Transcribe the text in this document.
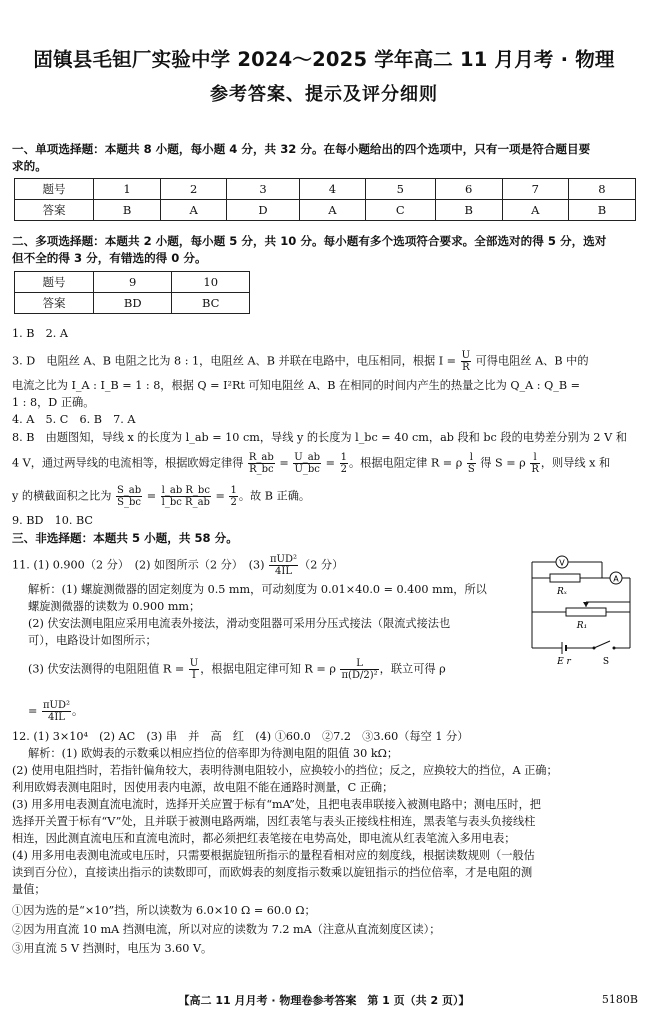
固镇县毛钽厂实验中学 2024～2025 学年高二 11 月月考 · 物理
参考答案、提示及评分细则
一、单项选择题：本题共 8 小题，每小题 4 分，共 32 分。在每小题给出的四个选项中，只有一项是符合题目要
求的。
题号	1	2	3	4	5	6	7	8
答案	B	A	D	A	C	B	A	B
二、多项选择题：本题共 2 小题，每小题 5 分，共 10 分。每小题有多个选项符合要求。全部选对的得 5 分，选对
但不全的得 3 分，有错选的得 0 分。
题号	9	10
答案	BD	BC
1. B　2. A
3. D　电阻丝 A、B 电阻之比为 8 : 1，电阻丝 A、B 并联在电路中，电压相同，根据 $I = \frac{U}{R}$ 可得电阻丝 A、B 中的
电流之比为 I_A : I_B = 1 : 8，根据 Q = I²Rt 可知电阻丝 A、B 在相同的时间内产生的热量之比为 Q_A : Q_B =
1 : 8，D 正确。
4. A　5. C　6. B　7. A
8. B　由题图知，导线 x 的长度为 l_ab = 10 cm，导线 y 的长度为 l_bc = 40 cm，ab 段和 bc 段的电势差分别为 2 V 和
4 V，通过两导线的电流相等，根据欧姆定律得 $\frac{R\_ab}{R\_bc} = \frac{U\_ab}{U\_bc} = \frac{1}{2}$ 。根据电阻定律 R = ρ $\frac{l}{S}$ 得 S = ρ $\frac{l}{R}$ ，则导线 x 和
y 的横截面积之比为 $\frac{S\_ab}{S\_bc} = \frac{\text{l\_ab R\_bc}}{\text{l\_bc R\_ab}} = \frac{1}{2}$ 。故 B 正确。
9. BD　10. BC
三、非选择题：本题共 5 小题，共 58 分。
11. (1) 0.900（2 分）　(2) 如图所示（2 分）　$(3) \frac{\text{πUD²}}{4IL} (2$ 分）
解析：(1) 螺旋测微器的固定刻度为 0.5 mm，可动刻度为 0.01×40.0 = 0.400 mm，所以
螺旋测微器的读数为 0.900 mm；
(2) 伏安法测电阻应采用电流表外接法，滑动变阻器可采用分压式接法（限流式接法也
可），电路设计如图所示；
(3) 伏安法测得的电阻阻值 $R = \frac{U}{I}$ ，根据电阻定律可知 R = ρ $\frac{L}{\text{π(D/2)²}}$ ，联立可得 ρ
= $\frac{\text{πUD²}}{4IL}$ 。
V
A
Rₓ
R₁
E r	S
12. (1) 3×10⁴　(2) AC　(3) 串　并　高　红　(4) ①60.0　②7.2　③3.60（每空 1 分）
解析：(1) 欧姆表的示数乘以相应挡位的倍率即为待测电阻的阻值 30 kΩ；
(2) 使用电阻挡时，若指针偏角较大，表明待测电阻较小，应换较小的挡位；反之，应换较大的挡位，A 正确；
利用欧姆表测电阻时，因使用表内电源，故电阻不能在通路时测量，C 正确；
(3) 用多用电表测直流电流时，选择开关应置于标有“mA”处，且把电表串联接入被测电路中；测电压时，把
选择开关置于标有“V”处，且并联于被测电路两端，因红表笔与表头正接线柱相连，黑表笔与表头负接线柱
相连，因此测直流电压和直流电流时，都必须把红表笔接在电势高处，即电流从红表笔流入多用电表；
(4) 用多用电表测电流或电压时，只需要根据旋钮所指示的量程看相对应的刻度线，根据读数规则（一般估
读到百分位），直接读出指示的读数即可，而欧姆表的刻度指示数乘以旋钮指示的挡位倍率，才是电阻的测
量值；
①因为选的是“×10”挡，所以读数为 6.0×10 Ω = 60.0 Ω；
②因为用直流 10 mA 挡测电流，所以对应的读数为 7.2 mA（注意从直流刻度区读）；
③用直流 5 V 挡测时，电压为 3.60 V。
【高二 11 月月考 · 物理卷参考答案　第 1 页（共 2 页）】	5180B
